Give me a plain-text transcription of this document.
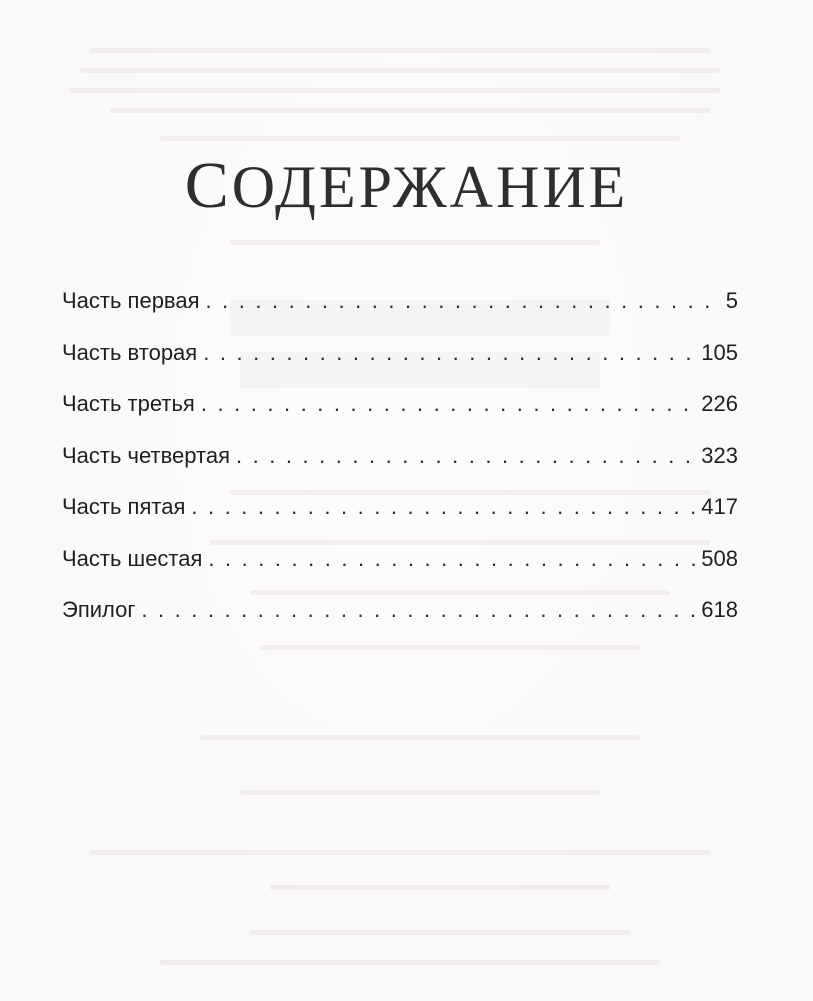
СОДЕРЖАНИЕ
Часть первая . . .	5
Часть вторая . . .	105
Часть третья . . .	226
Часть четвертая . . .	323
Часть пятая . . .	417
Часть шестая . . .	508
Эпилог . . .	618
